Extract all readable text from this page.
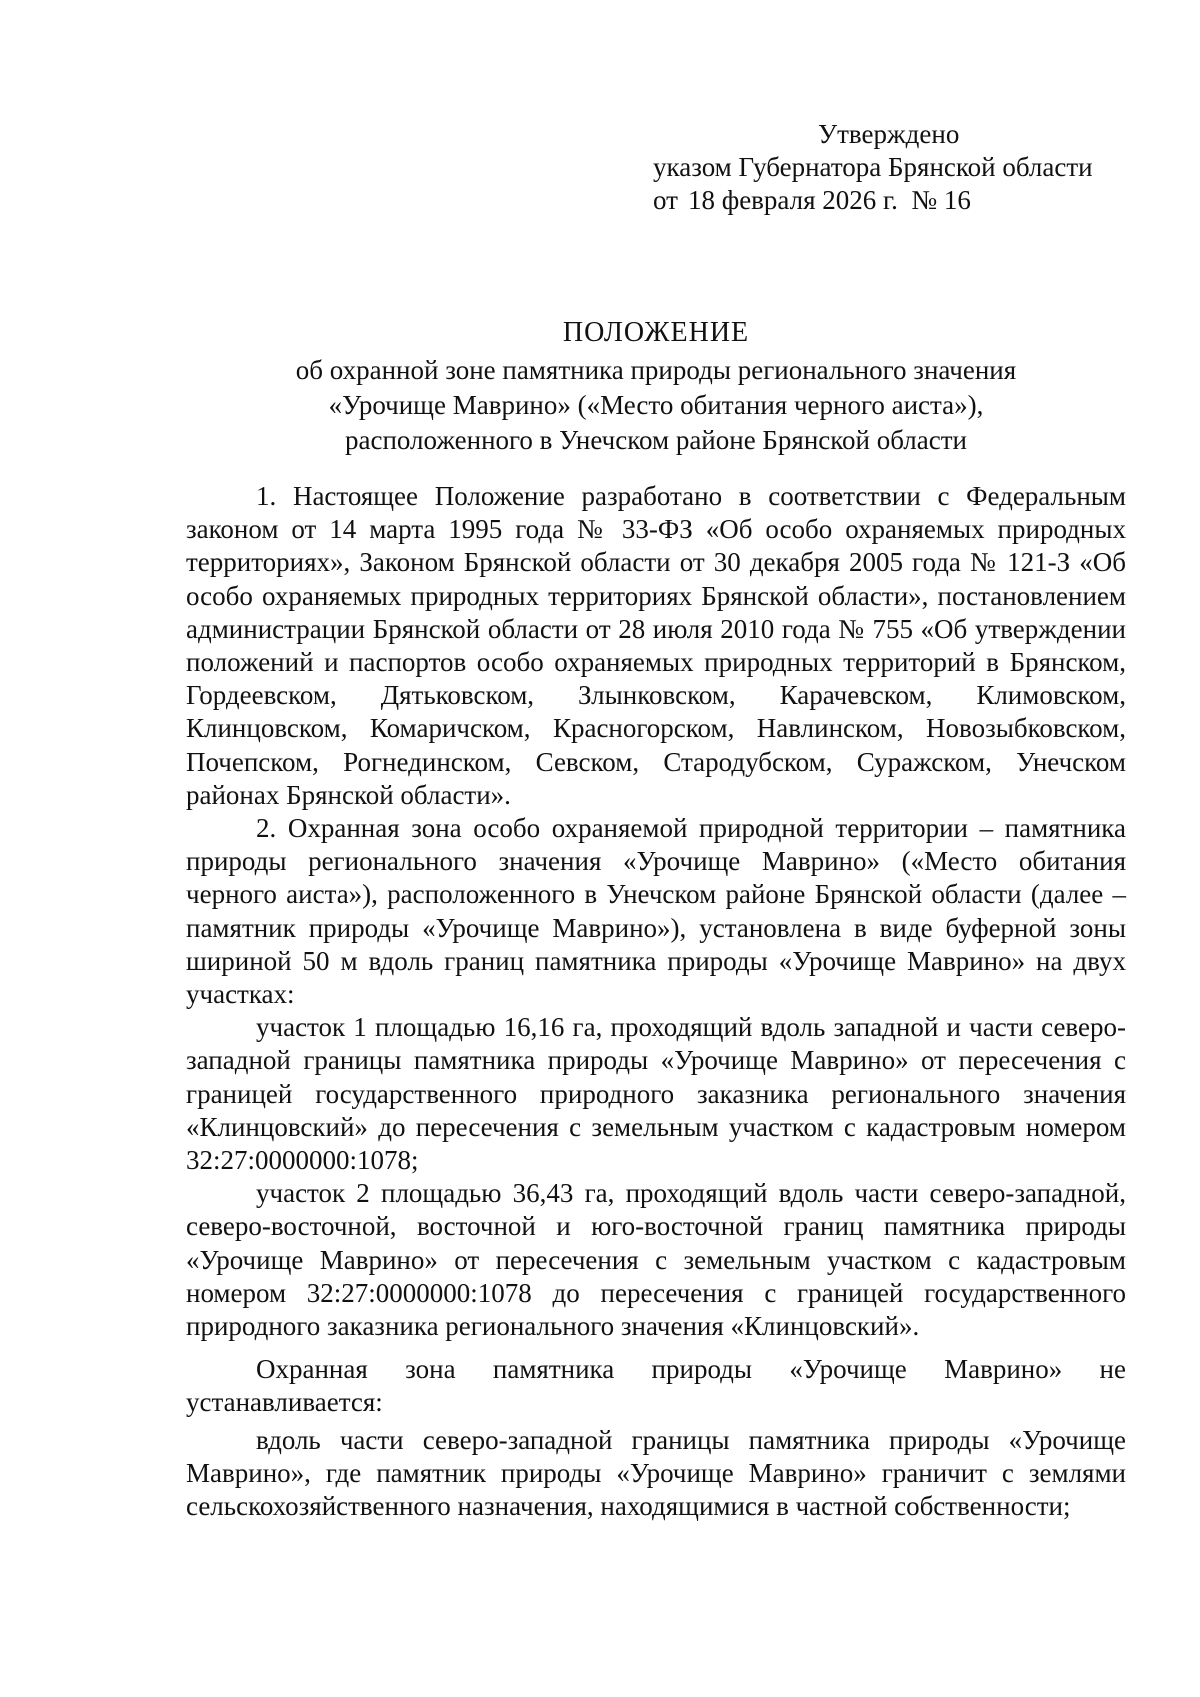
Утверждено
указом Губернатора Брянской области
от 18 февраля 2026 г. № 16
ПОЛОЖЕНИЕ
об охранной зоне памятника природы регионального значения
«Урочище Маврино» («Место обитания черного аиста»),
расположенного в Унечском районе Брянской области

1. Настоящее Положение разработано в соответствии с Федеральным законом от 14 марта 1995 года № 33-ФЗ «Об особо охраняемых природных территориях», Законом Брянской области от 30 декабря 2005 года № 121-З «Об особо охраняемых природных территориях Брянской области», постановлением администрации Брянской области от 28 июля 2010 года № 755 «Об утверждении положений и паспортов особо охраняемых природных территорий в Брянском, Гордеевском, Дятьковском, Злынковском, Карачевском, Климовском, Клинцовском, Комаричском, Красногорском, Навлинском, Новозыбковском, Почепском, Рогнединском, Севском, Стародубском, Суражском, Унечском районах Брянской области».

2. Охранная зона особо охраняемой природной территории – памятника природы регионального значения «Урочище Маврино» («Место обитания черного аиста»), расположенного в Унечском районе Брянской области (далее – памятник природы «Урочище Маврино»), установлена в виде буферной зоны шириной 50 м вдоль границ памятника природы «Урочище Маврино» на двух участках:

участок 1 площадью 16,16 га, проходящий вдоль западной и части северо-западной границы памятника природы «Урочище Маврино» от пересечения с границей государственного природного заказника регионального значения «Клинцовский» до пересечения с земельным участком с кадастровым номером 32:27:0000000:1078;

участок 2 площадью 36,43 га, проходящий вдоль части северо-западной, северо-восточной, восточной и юго-восточной границ памятника природы «Урочище Маврино» от пересечения с земельным участком с кадастровым номером 32:27:0000000:1078 до пересечения с границей государственного природного заказника регионального значения «Клинцовский».

Охранная зона памятника природы «Урочище Маврино» не устанавливается:

вдоль части северо-западной границы памятника природы «Урочище Маврино», где памятник природы «Урочище Маврино» граничит с землями сельскохозяйственного назначения, находящимися в частной собственности;
